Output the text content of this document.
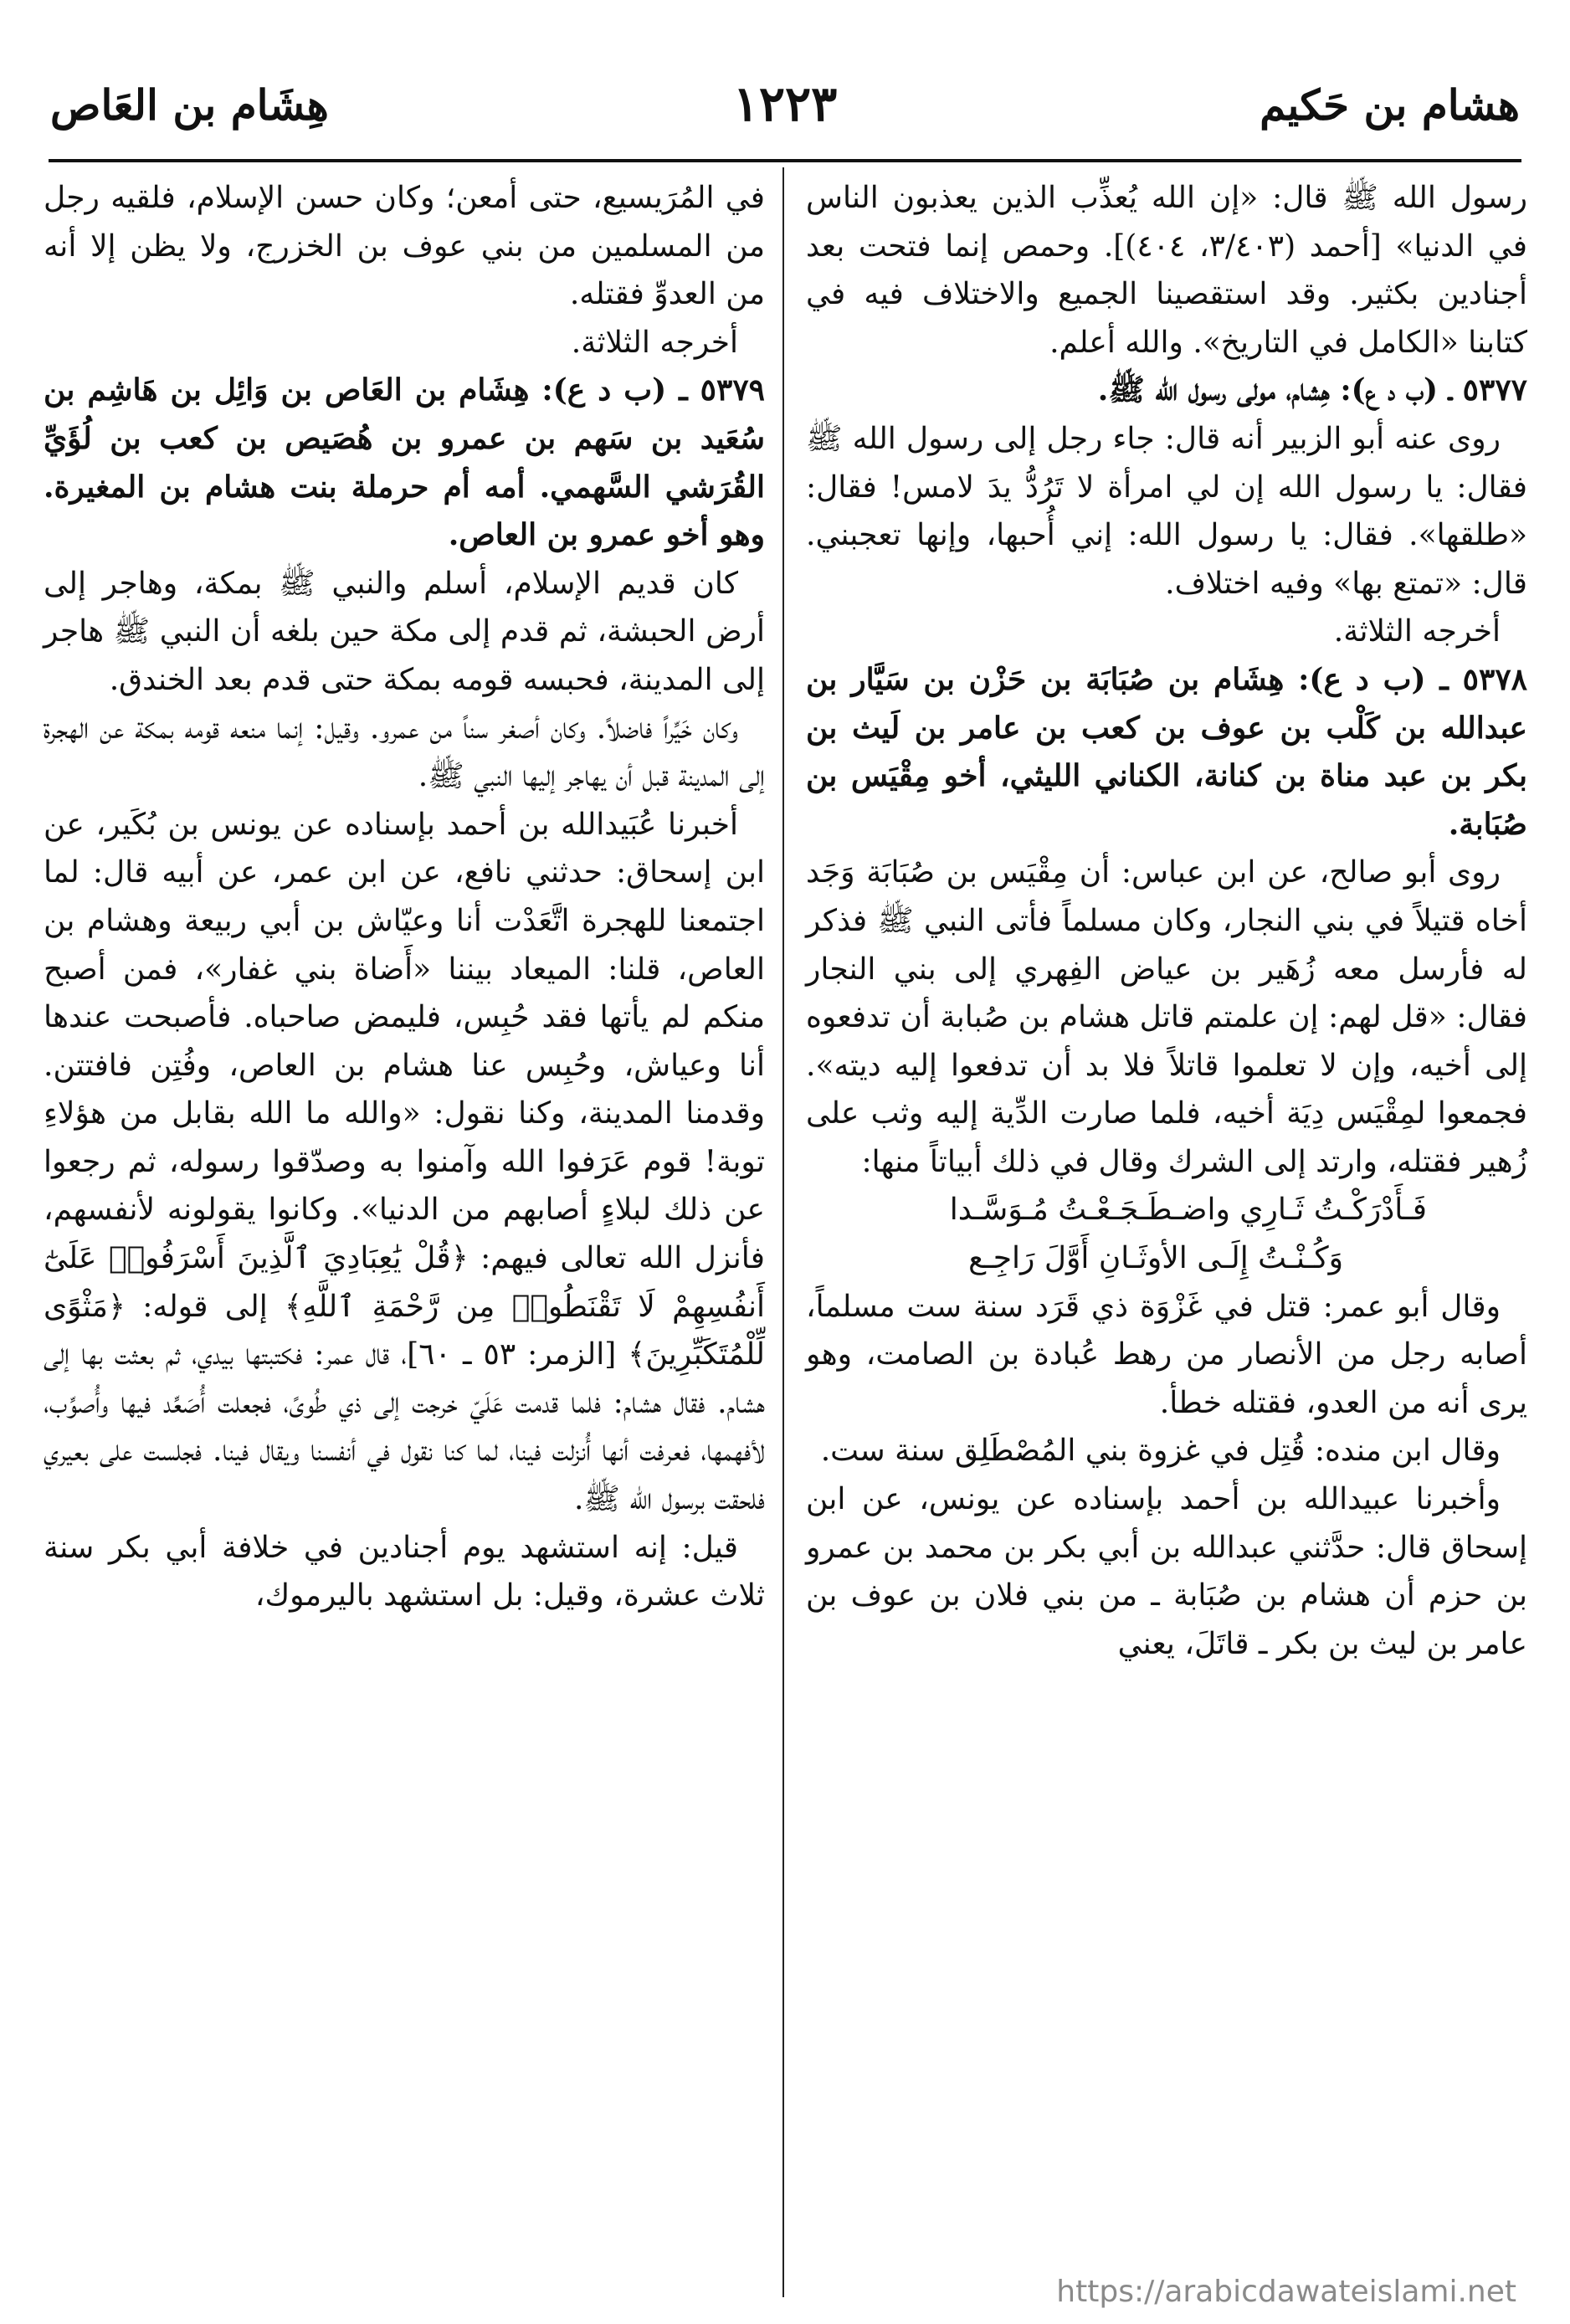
هشام بن حَكيم
١٢٢٣
هِشَام بن العَاص

رسول الله ﷺ قال: «إن الله يُعذِّب الذين يعذبون الناس في الدنيا» [أحمد (٣/٤٠٣، ٤٠٤)]. وحمص إنما فتحت بعد أجنادين بكثير. وقد استقصينا الجميع والاختلاف فيه في كتابنا «الكامل في التاريخ». والله أعلم.

٥٣٧٧ ـ (ب د ع): هِشام، مولى رسول الله ﷺ.

روى عنه أبو الزبير أنه قال: جاء رجل إلى رسول الله ﷺ فقال: يا رسول الله إن لي امرأة لا تَرُدُّ يدَ لامس! فقال: «طلقها». فقال: يا رسول الله: إني أُحبها، وإنها تعجبني. قال: «تمتع بها» وفيه اختلاف.

أخرجه الثلاثة.

٥٣٧٨ ـ (ب د ع): هِشَام بن صُبَابَة بن حَزْن بن سَيَّار بن عبدالله بن كَلْب بن عوف بن كعب بن عامر بن لَيث بن بكر بن عبد مناة بن كنانة، الكناني الليثي، أخو مِقْيَس بن صُبَابة.

روى أبو صالح، عن ابن عباس: أن مِقْيَس بن صُبَابَة وَجَد أخاه قتيلاً في بني النجار، وكان مسلماً فأتى النبي ﷺ فذكر له فأرسل معه زُهَير بن عياض الفِهري إلى بني النجار فقال: «قل لهم: إن علمتم قاتل هشام بن صُبابة أن تدفعوه إلى أخيه، وإن لا تعلموا قاتلاً فلا بد أن تدفعوا إليه ديته». فجمعوا لمِقْيَس دِيَة أخيه، فلما صارت الدِّية إليه وثب على زُهير فقتله، وارتد إلى الشرك وقال في ذلك أبياتاً منها:

فَـأَدْرَكْـتُ ثَـارِي واضـطَـجَـعْـتُ مُـوَسَّـدا
وَكُـنْـتُ إِلَـى الأوثَـانِ أَوَّلَ رَاجِـع

وقال أبو عمر: قتل في غَزْوَة ذي قَرَد سنة ست مسلماً، أصابه رجل من الأنصار من رهط عُبادة بن الصامت، وهو يرى أنه من العدو، فقتله خطأ.

وقال ابن منده: قُتِل في غزوة بني المُصْطَلِق سنة ست.

وأخبرنا عبيدالله بن أحمد بإسناده عن يونس، عن ابن إسحاق قال: حدَّثني عبدالله بن أبي بكر بن محمد بن عمرو بن حزم أن هشام بن صُبَابة ـ من بني فلان بن عوف بن عامر بن ليث بن بكر ـ قاتَلَ، يعني

في المُرَيسيع، حتى أمعن؛ وكان حسن الإسلام، فلقيه رجل من المسلمين من بني عوف بن الخزرج، ولا يظن إلا أنه من العدوِّ فقتله.

أخرجه الثلاثة.

٥٣٧٩ ـ (ب د ع): هِشَام بن العَاص بن وَائِل بن هَاشِم بن سُعَيد بن سَهم بن عمرو بن هُصَيص بن كعب بن لُؤَيِّ القُرَشي السَّهمي. أمه أم حرملة بنت هشام بن المغيرة. وهو أخو عمرو بن العاص.

كان قديم الإسلام، أسلم والنبي ﷺ بمكة، وهاجر إلى أرض الحبشة، ثم قدم إلى مكة حين بلغه أن النبي ﷺ هاجر إلى المدينة، فحبسه قومه بمكة حتى قدم بعد الخندق.

وكان خَيِّراً فاضلاً. وكان أصغر سناً من عمرو. وقيل: إنما منعه قومه بمكة عن الهجرة إلى المدينة قبل أن يهاجر إليها النبي ﷺ.

أخبرنا عُبَيدالله بن أحمد بإسناده عن يونس بن بُكَير، عن ابن إسحاق: حدثني نافع، عن ابن عمر، عن أبيه قال: لما اجتمعنا للهجرة اتَّعَدْت أنا وعيّاش بن أبي ربيعة وهشام بن العاص، قلنا: الميعاد بيننا «أَضاة بني غفار»، فمن أصبح منكم لم يأتها فقد حُبِس، فليمض صاحباه. فأصبحت عندها أنا وعياش، وحُبِس عنا هشام بن العاص، وفُتِن فافتتن. وقدمنا المدينة، وكنا نقول: «والله ما الله بقابل من هؤلاءِ توبة! قوم عَرَفوا الله وآمنوا به وصدّقوا رسوله، ثم رجعوا عن ذلك لبلاءٍ أصابهم من الدنيا». وكانوا يقولونه لأنفسهم، فأنزل الله تعالى فيهم: ﴿قُلْ يَٰعِبَادِيَ ٱلَّذِينَ أَسْرَفُوا۟ عَلَىٰٓ أَنفُسِهِمْ لَا تَقْنَطُوا۟ مِن رَّحْمَةِ ٱللَّهِ﴾ إلى قوله: ﴿مَثْوًى لِّلْمُتَكَبِّرِينَ﴾ [الزمر: ٥٣ ـ ٦٠]، قال عمر: فكتبتها بيدي، ثم بعثت بها إلى هشام. فقال هشام: فلما قدمت عَلَيّ خرجت إلى ذي طُوىً، فجعلت أُصَعِّد فيها وأُصوِّب، لأفهمها، فعرفت أنها أُنزلت فينا، لما كنا نقول في أنفسنا ويقال فينا. فجلست على بعيري فلحقت برسول الله ﷺ.

قيل: إنه استشهد يوم أجنادين في خلافة أبي بكر سنة ثلاث عشرة، وقيل: بل استشهد باليرموك،

https://arabicdawateislami.net
